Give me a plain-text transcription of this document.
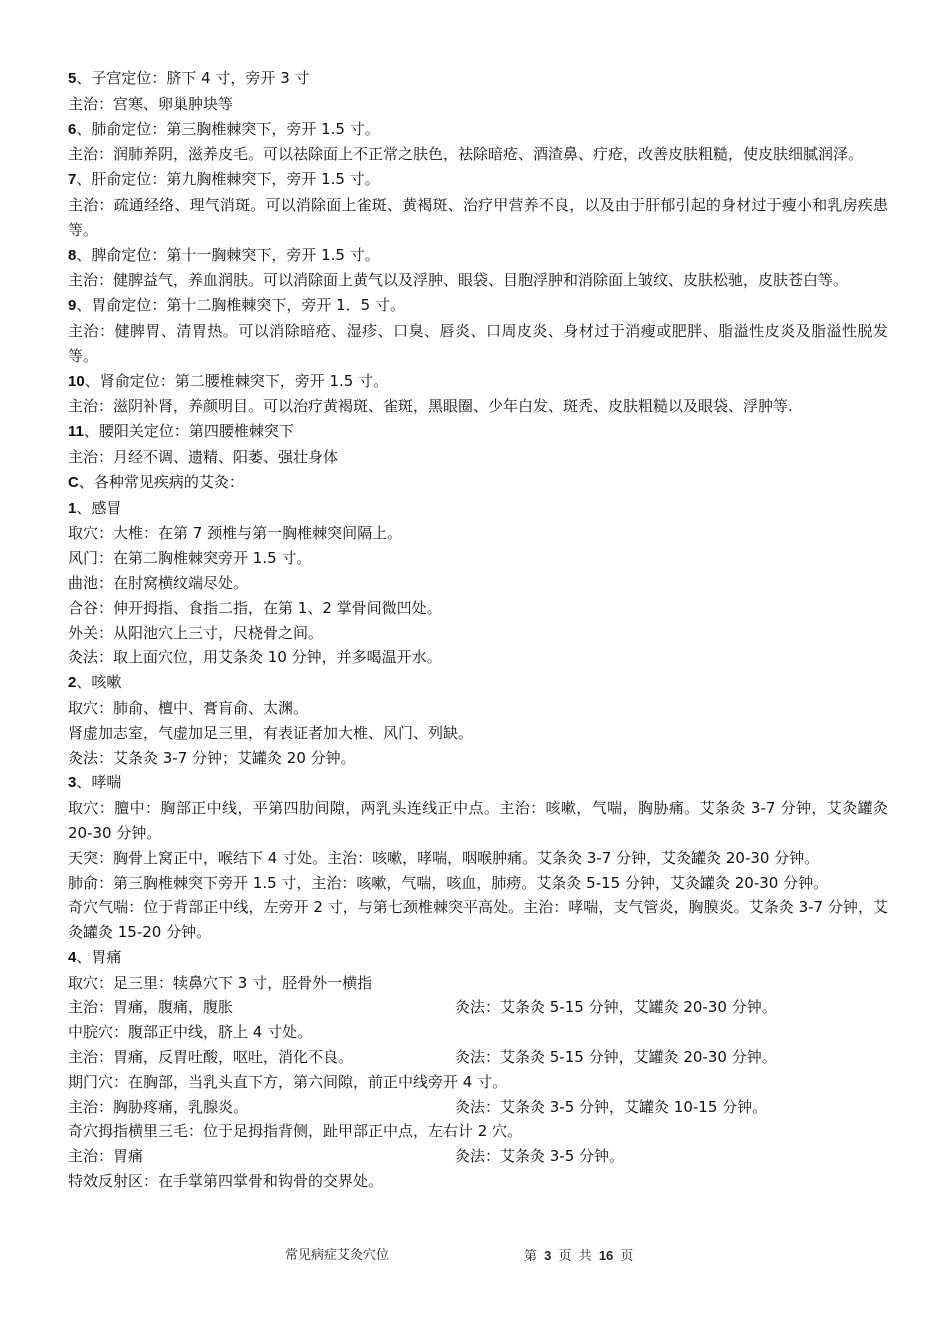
5、子宫定位：脐下 4 寸，旁开 3 寸
主治：宫寒、卵巢肿块等
6、肺俞定位：第三胸椎棘突下，旁开 1.5 寸。
主治：润肺养阴，滋养皮毛。可以祛除面上不正常之肤色，祛除暗疮、酒渣鼻、疔疮，改善皮肤粗糙，使皮肤细腻润泽。
7、肝俞定位：第九胸椎棘突下，旁开 1.5 寸。
主治：疏通经络、理气消斑。可以消除面上雀斑、黄褐斑、治疗甲营养不良，以及由于肝郁引起的身材过于瘦小和乳房疾患等。
8、脾俞定位：第十一胸棘突下，旁开 1.5 寸。
主治：健脾益气，养血润肤。可以消除面上黄气以及浮肿、眼袋、目胞浮肿和消除面上皱纹、皮肤松驰，皮肤苍白等。
9、胃俞定位：第十二胸椎棘突下，旁开 1．5 寸。
主治：健脾胃、清胃热。可以消除暗疮、湿疹、口臭、唇炎、口周皮炎、身材过于消瘦或肥胖、脂溢性皮炎及脂溢性脱发等。
10、肾俞定位：第二腰椎棘突下，旁开 1.5 寸。
主治：滋阴补肾，养颜明目。可以治疗黄褐斑、雀斑，黑眼圈、少年白发、斑秃、皮肤粗糙以及眼袋、浮肿等.
11、腰阳关定位：第四腰椎棘突下
主治：月经不调、遗精、阳萎、强壮身体
C、各种常见疾病的艾灸：
1、感冒
取穴：大椎：在第 7 颈椎与第一胸椎棘突间隔上。
风门：在第二胸椎棘突旁开 1.5 寸。
曲池：在肘窝横纹端尽处。
合谷：伸开拇指、食指二指，在第 1、2 掌骨间微凹处。
外关：从阳池穴上三寸，尺桡骨之间。
灸法：取上面穴位，用艾条灸 10 分钟，并多喝温开水。
2、咳嗽
取穴：肺俞、檀中、膏肓俞、太渊。
肾虚加志室，气虚加足三里，有表证者加大椎、风门、列缺。
灸法：艾条灸 3-7 分钟；艾罐灸 20 分钟。
3、哮喘
取穴：膻中：胸部正中线，平第四肋间隙，两乳头连线正中点。主治：咳嗽，气喘，胸胁痛。艾条灸 3-7 分钟，艾灸罐灸 20-30 分钟。
天突：胸骨上窝正中，喉结下 4 寸处。主治：咳嗽，哮喘，咽喉肿痛。艾条灸 3-7 分钟，艾灸罐灸 20-30 分钟。
肺俞：第三胸椎棘突下旁开 1.5 寸，主治：咳嗽，气喘，咳血，肺痨。艾条灸 5-15 分钟，艾灸罐灸 20-30 分钟。
奇穴气喘：位于背部正中线，左旁开 2 寸，与第七颈椎棘突平高处。主治：哮喘，支气管炎，胸膜炎。艾条灸 3-7 分钟，艾灸罐灸 15-20 分钟。
4、胃痛
取穴：足三里：犊鼻穴下 3 寸，胫骨外一横指
主治：胃痛，腹痛，腹胀	灸法：艾条灸 5-15 分钟，艾罐灸 20-30 分钟。
中脘穴：腹部正中线，脐上 4 寸处。
主治：胃痛，反胃吐酸，呕吐，消化不良。	灸法：艾条灸 5-15 分钟，艾罐灸 20-30 分钟。
期门穴：在胸部，当乳头直下方，第六间隙，前正中线旁开 4 寸。
主治：胸胁疼痛，乳腺炎。	灸法：艾条灸 3-5 分钟，艾罐灸 10-15 分钟。
奇穴拇指横里三毛：位于足拇指背侧，趾甲部正中点，左右计 2 穴。
主治：胃痛	灸法：艾条灸 3-5 分钟。
特效反射区：在手掌第四掌骨和钩骨的交界处。
常见病症艾灸穴位	第 3 页 共 16 页
